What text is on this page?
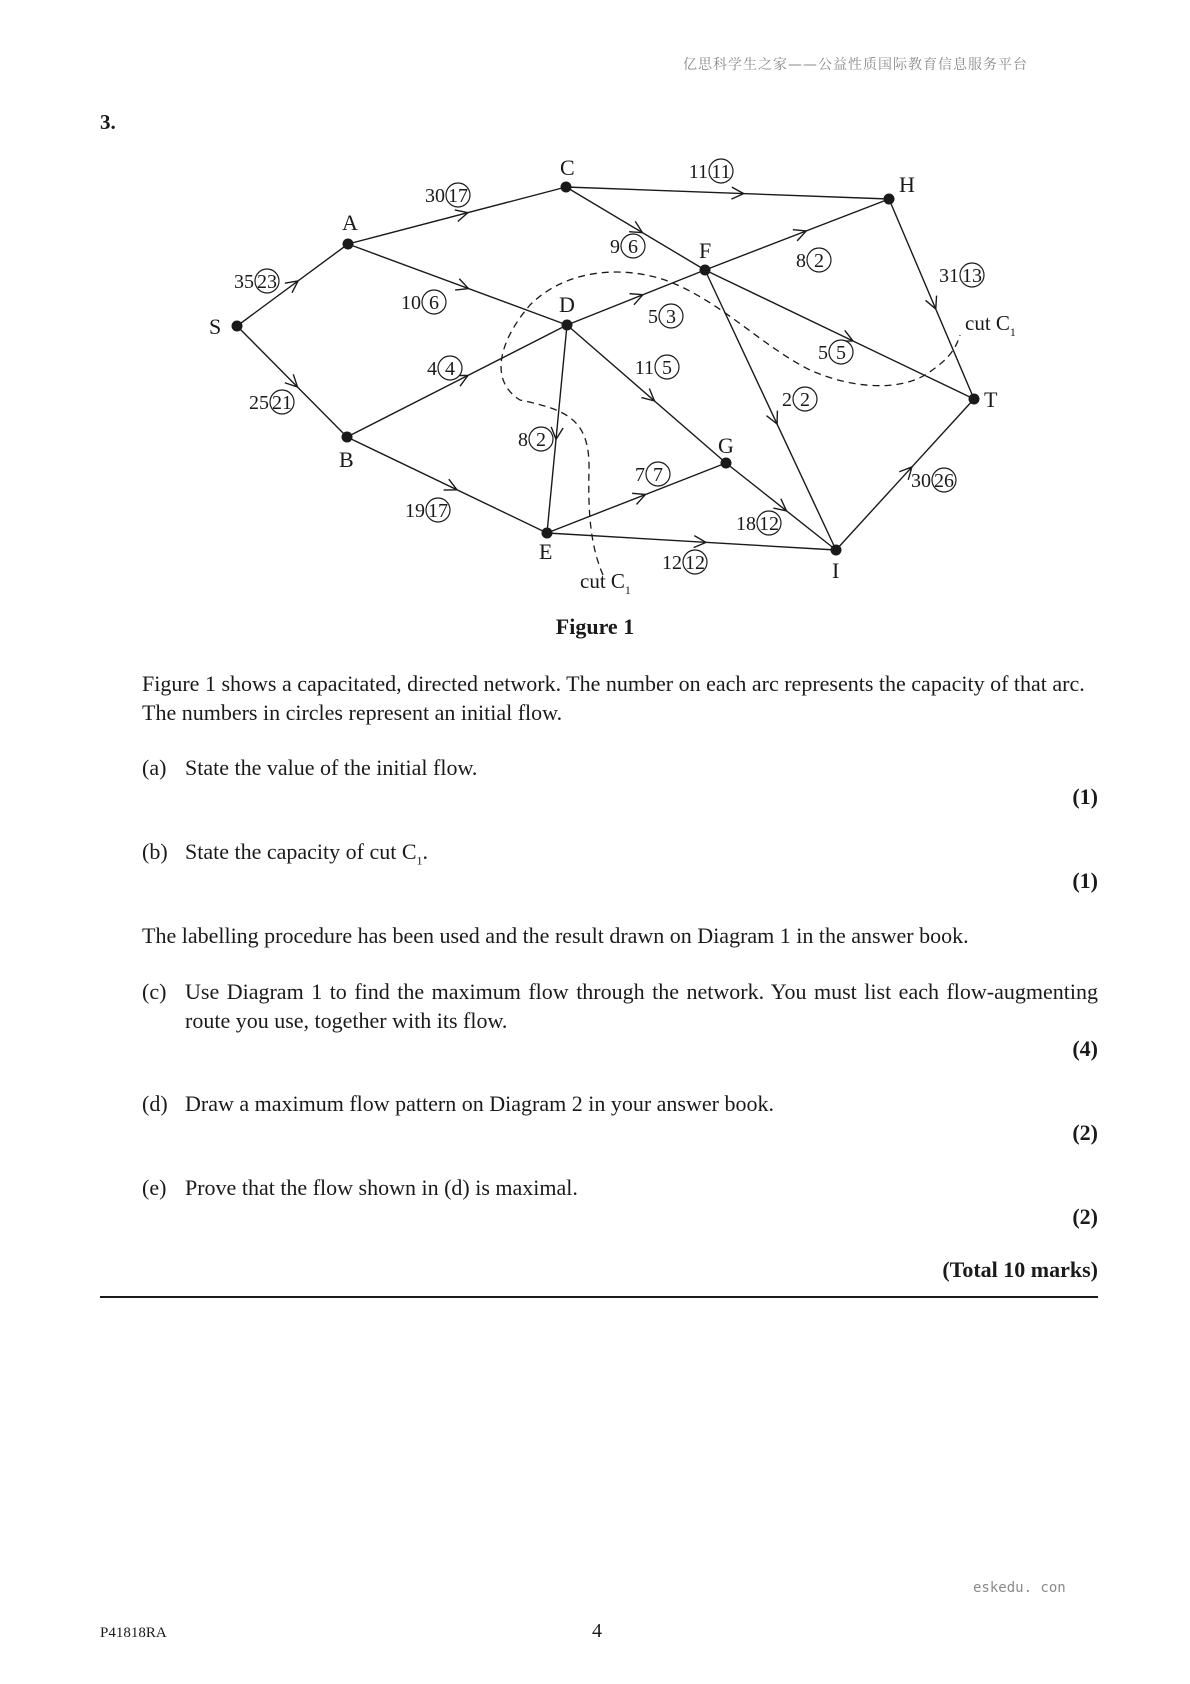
亿思科学生之家——公益性质国际教育信息服务平台
3.
35 23
25 21
30 17
10 6
4 4
19 17
11 11
9 6
5 3
11 5
8 2
8 2
5 5
2 2
7 7
12 12
18 12
31 13
30 26
S
A
B
C
D
E
F
G
H
I
T
cut $C_1$
cut $C_1$
Figure 1
Figure 1 shows a capacitated, directed network. The number on each arc represents the capacity of that arc. The numbers in circles represent an initial flow.
(a) State the value of the initial flow.
(1)
(b) State the capacity of cut $C_1$.
(1)
The labelling procedure has been used and the result drawn on Diagram 1 in the answer book.
(c) Use Diagram 1 to find the maximum flow through the network. You must list each flow-augmenting route you use, together with its flow.
(4)
(d) Draw a maximum flow pattern on Diagram 2 in your answer book.
(2)
(e) Prove that the flow shown in (d) is maximal.
(2)
(Total 10 marks)
eskedu. con
P41818RA	4
